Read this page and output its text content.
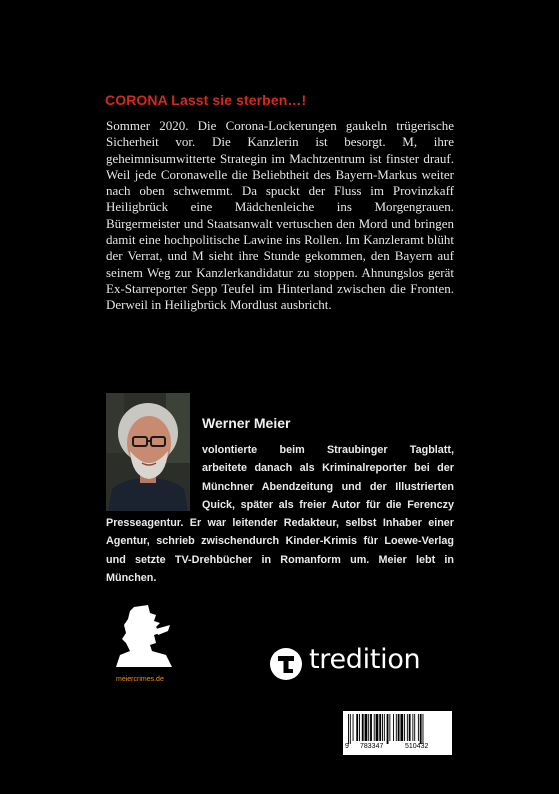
CORONA Lasst sie sterben…!

Sommer 2020. Die Corona-Lockerungen gaukeln trügerische Sicherheit vor. Die Kanzlerin ist besorgt. M, ihre geheimnisumwitterte Strategin im Machtzentrum ist finster drauf. Weil jede Coronawelle die Beliebtheit des Bayern-Markus weiter nach oben schwemmt. Da spuckt der Fluss im Provinzkaff Heiligbrück eine Mädchenleiche ins Morgengrauen. Bürgermeister und Staatsanwalt vertuschen den Mord und bringen damit eine hochpolitische Lawine ins Rollen. Im Kanzleramt blüht der Verrat, und M sieht ihre Stunde gekommen, den Bayern auf seinem Weg zur Kanzlerkandidatur zu stoppen. Ahnungslos gerät Ex-Starreporter Sepp Teufel im Hinterland zwischen die Fronten. Derweil in Heiligbrück Mordlust ausbricht.

Werner Meier
volontierte beim Straubinger Tagblatt,
arbeitete danach als Kriminalreporter bei der
Münchner Abendzeitung und der Illustrierten
Quick, später als freier Autor für die Ferenczy
Presseagentur. Er war leitender Redakteur, selbst Inhaber einer
Agentur, schrieb zwischendurch Kinder-Krimis für Loewe-Verlag
und setzte TV-Drehbücher in Romanform um. Meier lebt in
München.
meiercrimes.de
tredition
9 783347	510432
